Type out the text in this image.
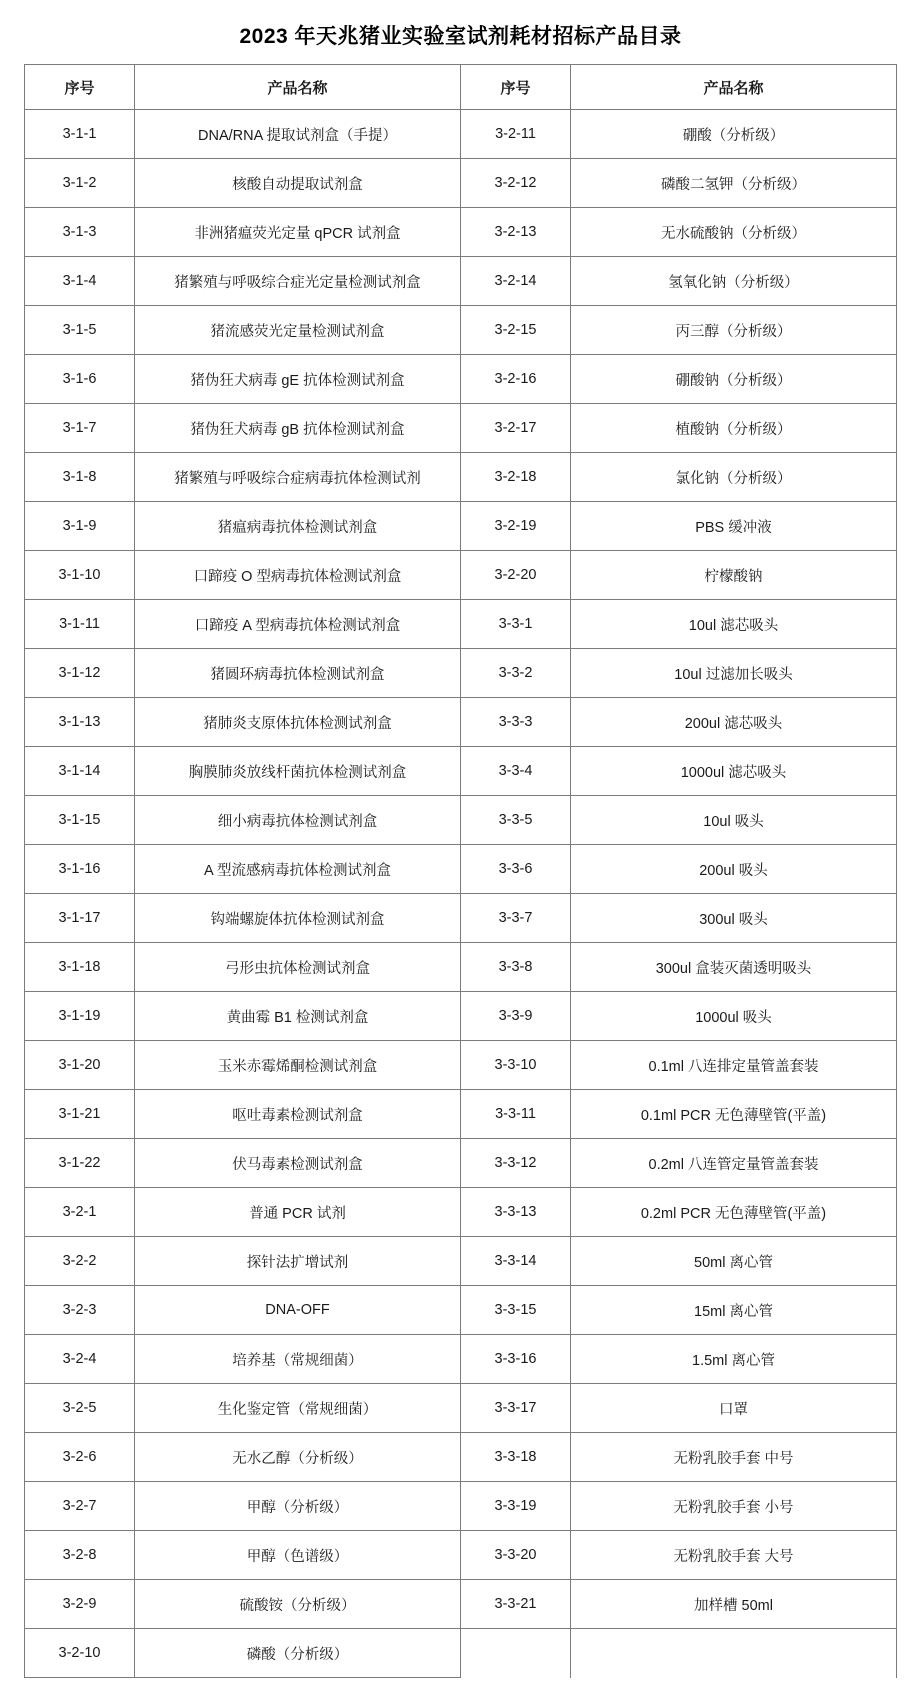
2023 年天兆猪业实验室试剂耗材招标产品目录
序号	产品名称	序号	产品名称
3-1-1	DNA/RNA 提取试剂盒（手提）	3-2-11	硼酸（分析级）
3-1-2	核酸自动提取试剂盒	3-2-12	磷酸二氢钾（分析级）
3-1-3	非洲猪瘟荧光定量 qPCR 试剂盒	3-2-13	无水硫酸钠（分析级）
3-1-4	猪繁殖与呼吸综合症光定量检测试剂盒	3-2-14	氢氧化钠（分析级）
3-1-5	猪流感荧光定量检测试剂盒	3-2-15	丙三醇（分析级）
3-1-6	猪伪狂犬病毒 gE 抗体检测试剂盒	3-2-16	硼酸钠（分析级）
3-1-7	猪伪狂犬病毒 gB 抗体检测试剂盒	3-2-17	植酸钠（分析级）
3-1-8	猪繁殖与呼吸综合症病毒抗体检测试剂	3-2-18	氯化钠（分析级）
3-1-9	猪瘟病毒抗体检测试剂盒	3-2-19	PBS 缓冲液
3-1-10	口蹄疫 O 型病毒抗体检测试剂盒	3-2-20	柠檬酸钠
3-1-11	口蹄疫 A 型病毒抗体检测试剂盒	3-3-1	10ul 滤芯吸头
3-1-12	猪圆环病毒抗体检测试剂盒	3-3-2	10ul 过滤加长吸头
3-1-13	猪肺炎支原体抗体检测试剂盒	3-3-3	200ul 滤芯吸头
3-1-14	胸膜肺炎放线杆菌抗体检测试剂盒	3-3-4	1000ul 滤芯吸头
3-1-15	细小病毒抗体检测试剂盒	3-3-5	10ul 吸头
3-1-16	A 型流感病毒抗体检测试剂盒	3-3-6	200ul 吸头
3-1-17	钩端螺旋体抗体检测试剂盒	3-3-7	300ul 吸头
3-1-18	弓形虫抗体检测试剂盒	3-3-8	300ul 盒装灭菌透明吸头
3-1-19	黄曲霉 B1 检测试剂盒	3-3-9	1000ul 吸头
3-1-20	玉米赤霉烯酮检测试剂盒	3-3-10	0.1ml 八连排定量管盖套装
3-1-21	呕吐毒素检测试剂盒	3-3-11	0.1ml PCR 无色薄壁管(平盖)
3-1-22	伏马毒素检测试剂盒	3-3-12	0.2ml 八连管定量管盖套装
3-2-1	普通 PCR 试剂	3-3-13	0.2ml PCR 无色薄壁管(平盖)
3-2-2	探针法扩增试剂	3-3-14	50ml 离心管
3-2-3	DNA-OFF	3-3-15	15ml 离心管
3-2-4	培养基（常规细菌）	3-3-16	1.5ml 离心管
3-2-5	生化鉴定管（常规细菌）	3-3-17	口罩
3-2-6	无水乙醇（分析级）	3-3-18	无粉乳胶手套 中号
3-2-7	甲醇（分析级）	3-3-19	无粉乳胶手套 小号
3-2-8	甲醇（色谱级）	3-3-20	无粉乳胶手套 大号
3-2-9	硫酸铵（分析级）	3-3-21	加样槽 50ml
3-2-10	磷酸（分析级）		
